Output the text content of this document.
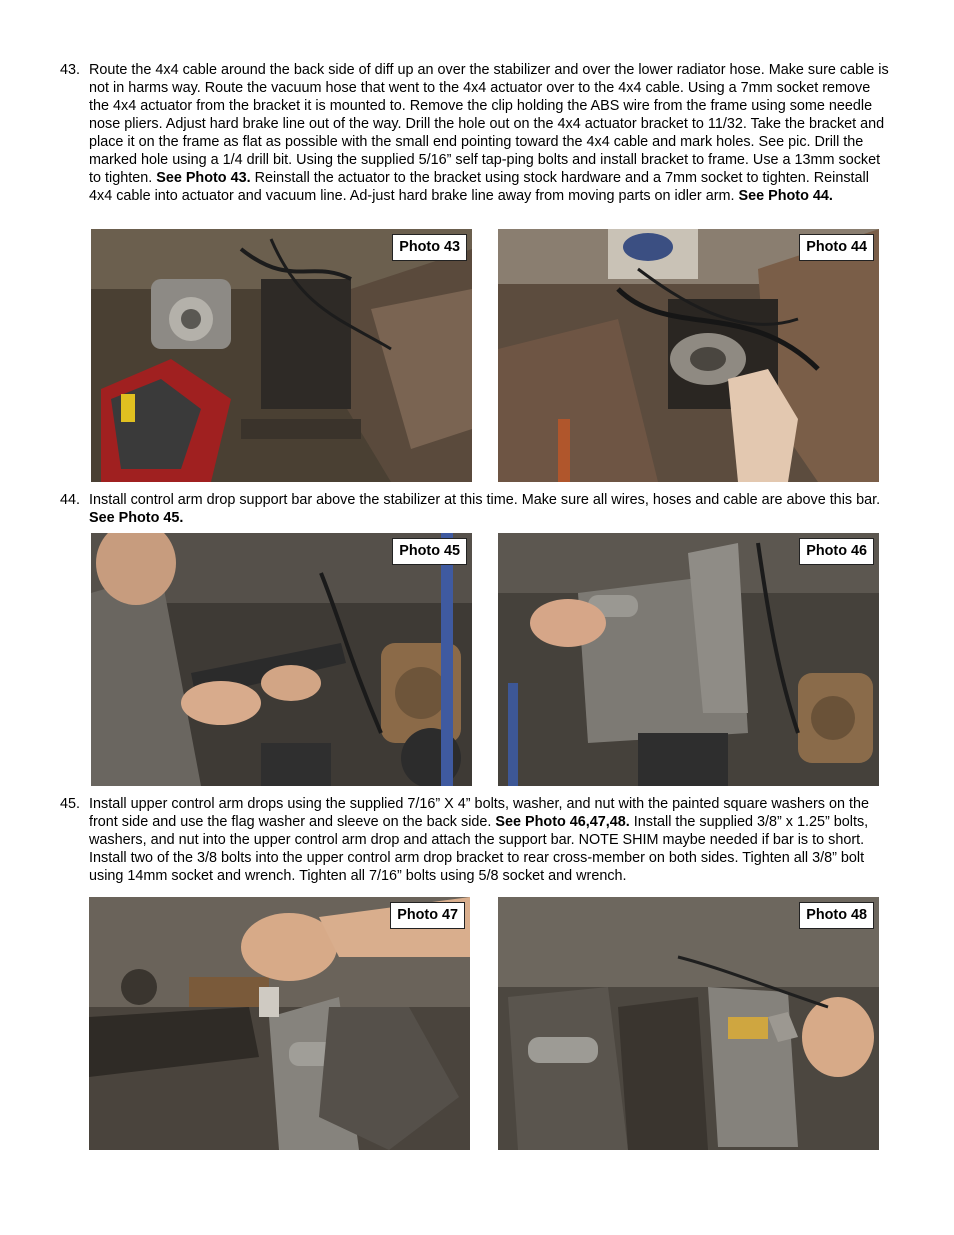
43. Route the 4x4 cable around the back side of diff up an over the stabilizer and over the lower radiator hose. Make sure cable is not in harms way. Route the vacuum hose that went to the 4x4 actuator over to the 4x4 cable. Using a 7mm socket remove the 4x4 actuator from the bracket it is mounted to. Remove the clip holding the ABS wire from the frame using some needle nose pliers. Adjust hard brake line out of the way. Drill the hole out on the 4x4 actuator bracket to 11/32. Take the bracket and place it on the frame as flat as possible with the small end pointing toward the 4x4 cable and mark holes. See pic. Drill the marked hole using a 1/4 drill bit. Using the supplied 5/16” self tap-ping bolts and install bracket to frame. Use a 13mm socket to tighten. See Photo 43. Reinstall the actuator to the bracket using stock hardware and a 7mm socket to tighten. Reinstall 4x4 cable into actuator and vacuum line. Ad-just hard brake line away from moving parts on idler arm. See Photo 44.
Photo 43	Photo 44
44. Install control arm drop support bar above the stabilizer at this time. Make sure all wires, hoses and cable are above this bar. See Photo 45.
Photo 45	Photo 46
45. Install upper control arm drops using the supplied 7/16” X 4” bolts, washer, and nut with the painted square washers on the front side and use the flag washer and sleeve on the back side. See Photo 46,47,48. Install the supplied 3/8” x 1.25” bolts, washers, and nut into the upper control arm drop and attach the support bar. NOTE SHIM maybe needed if bar is to short. Install two of the 3/8 bolts into the upper control arm drop bracket to rear cross-member on both sides. Tighten all 3/8” bolt using 14mm socket and wrench. Tighten all 7/16” bolts using 5/8 socket and wrench.
Photo 47	Photo 48
